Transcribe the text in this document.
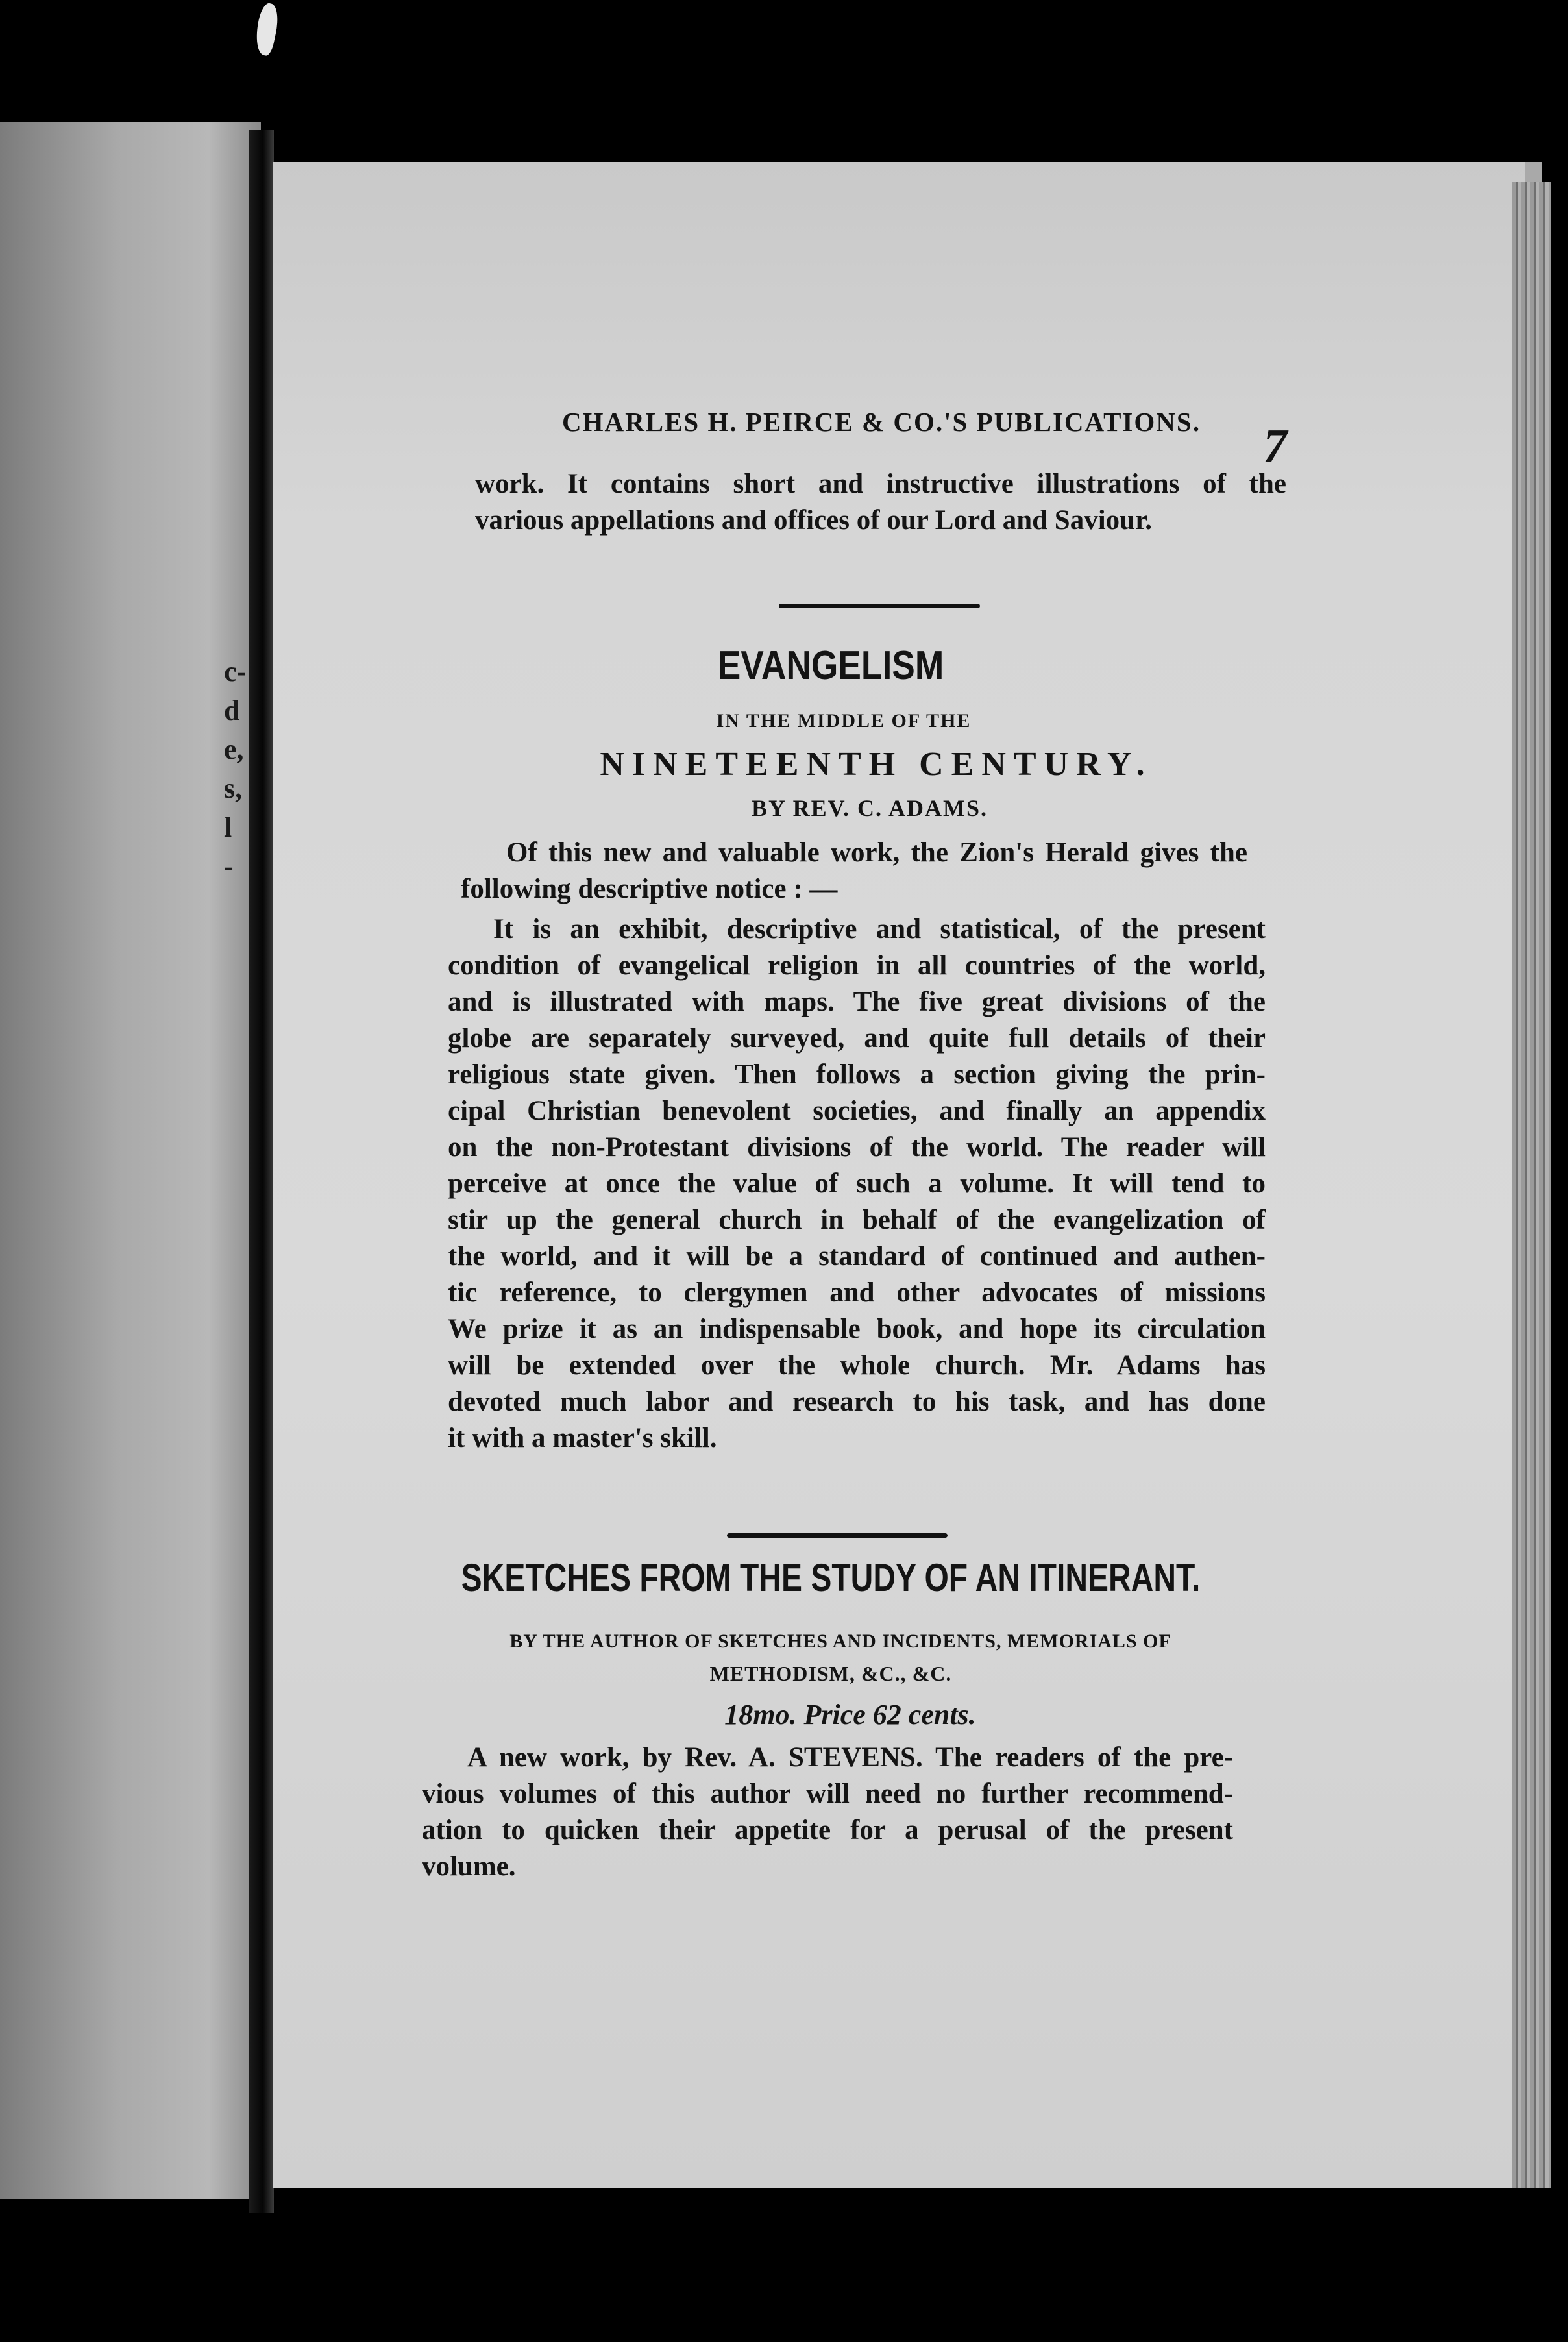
c-
d
e,
s,
l
-
CHARLES H. PEIRCE & CO.'S PUBLICATIONS.	7
work. It contains short and instructive illustrations of the
various appellations and offices of our Lord and Saviour.
EVANGELISM
IN THE MIDDLE OF THE
NINETEENTH CENTURY.
BY REV. C. ADAMS.
Of this new and valuable work, the Zion's Herald gives the
following descriptive notice : —
It is an exhibit, descriptive and statistical, of the present
condition of evangelical religion in all countries of the world,
and is illustrated with maps. The five great divisions of the
globe are separately surveyed, and quite full details of their
religious state given. Then follows a section giving the prin-
cipal Christian benevolent societies, and finally an appendix
on the non-Protestant divisions of the world. The reader will
perceive at once the value of such a volume. It will tend to
stir up the general church in behalf of the evangelization of
the world, and it will be a standard of continued and authen-
tic reference, to clergymen and other advocates of missions
We prize it as an indispensable book, and hope its circulation
will be extended over the whole church. Mr. Adams has
devoted much labor and research to his task, and has done
it with a master's skill.
SKETCHES FROM THE STUDY OF AN ITINERANT.
BY THE AUTHOR OF SKETCHES AND INCIDENTS, MEMORIALS OF
METHODISM, &C., &C.
18mo. Price 62 cents.
A new work, by Rev. A. STEVENS. The readers of the pre-
vious volumes of this author will need no further recommend-
ation to quicken their appetite for a perusal of the present
volume.
